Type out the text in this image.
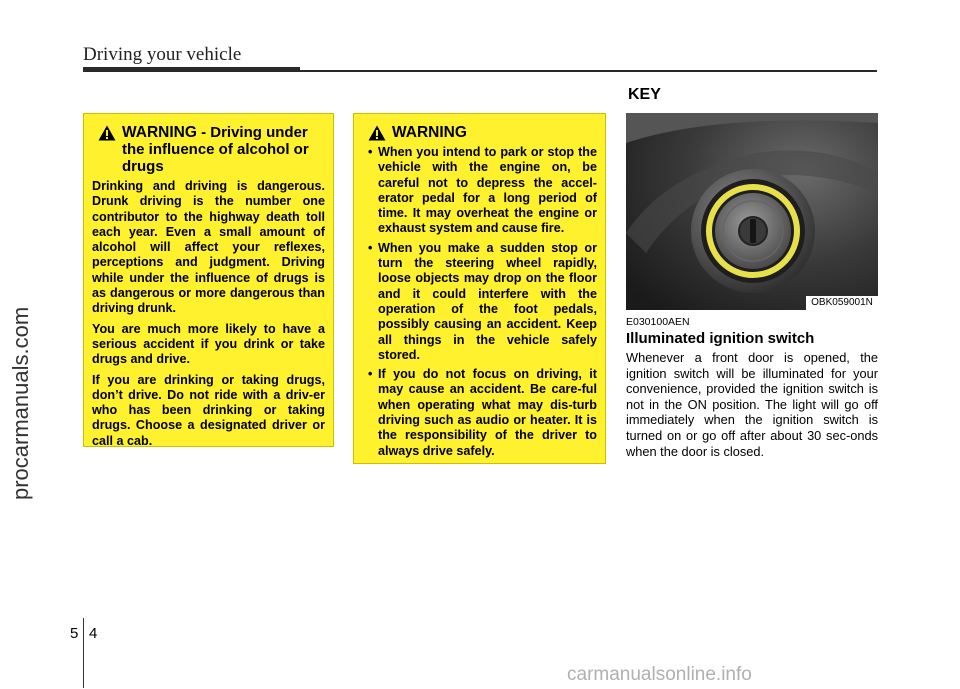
Driving your vehicle
procarmanuals.com
WARNING - Driving under the influence of alcohol or drugs

Drinking and driving is dangerous. Drunk driving is the number one contributor to the highway death toll each year. Even a small amount of alcohol will affect your reflexes, perceptions and judgment. Driving while under the influence of drugs is as dangerous or more dangerous than driving drunk.

You are much more likely to have a serious accident if you drink or take drugs and drive.

If you are drinking or taking drugs, don’t drive. Do not ride with a driv-er who has been drinking or taking drugs. Choose a designated driver or call a cab.

WARNING
• When you intend to park or stop the vehicle with the engine on, be careful not to depress the accel-erator pedal for a long period of time. It may overheat the engine or exhaust system and cause fire.
• When you make a sudden stop or turn the steering wheel rapidly, loose objects may drop on the floor and it could interfere with the operation of the foot pedals, possibly causing an accident. Keep all things in the vehicle safely stored.
• If you do not focus on driving, it may cause an accident. Be care-ful when operating what may dis-turb driving such as audio or heater. It is the responsibility of the driver to always drive safely.
KEY
OBK059001N
E030100AEN
Illuminated ignition switch
Whenever a front door is opened, the ignition switch will be illuminated for your convenience, provided the ignition switch is not in the ON position. The light will go off immediately when the ignition switch is turned on or go off after about 30 sec-onds when the door is closed.
5 4
carmanualsonline.info
